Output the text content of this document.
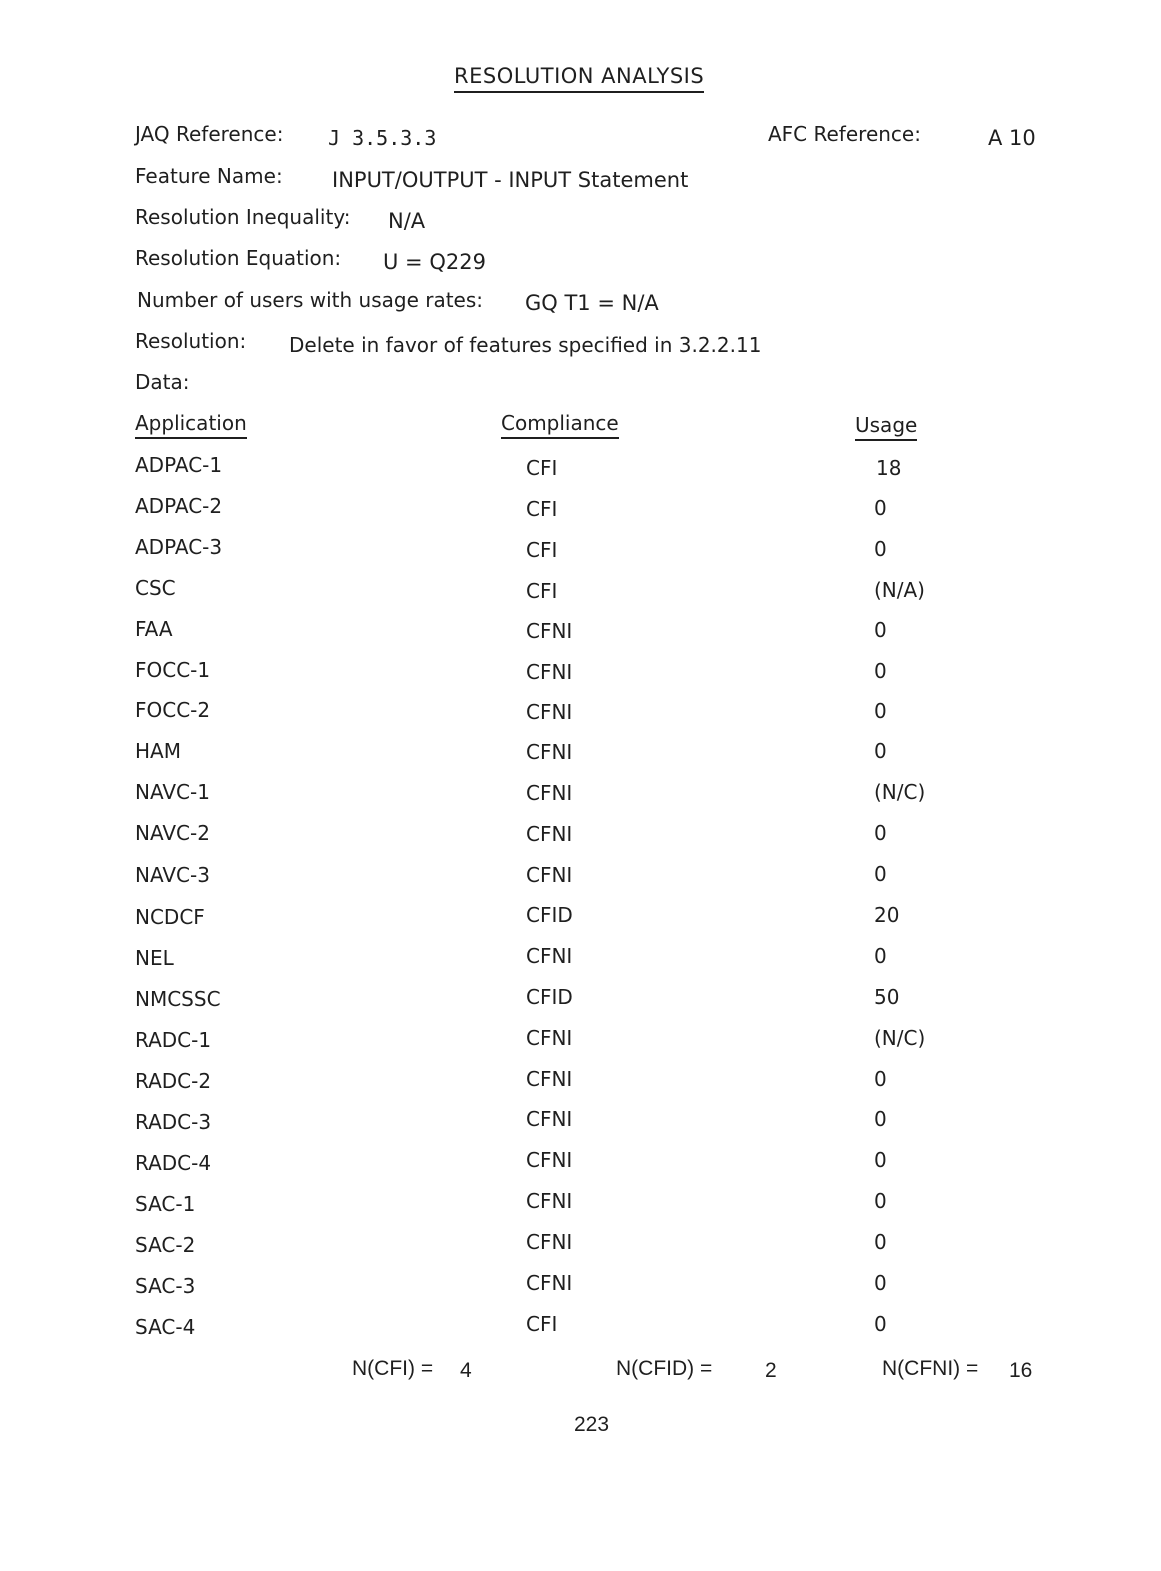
RESOLUTION ANALYSIS
JAQ Reference: J 3.5.3.3	AFC Reference:	A 10
Feature Name: INPUT/OUTPUT - INPUT Statement
Resolution Inequality: N/A
Resolution Equation: U = Q229
Number of users with usage rates: GQ T1 = N/A
Resolution: Delete in favor of features specified in 3.2.2.11
Data:
Application	Compliance	Usage
ADPAC-1	CFI	18
ADPAC-2	CFI	0
ADPAC-3	CFI	0
CSC	CFI	(N/A)
FAA	CFNI	0
FOCC-1	CFNI	0
FOCC-2	CFNI	0
HAM	CFNI	0
NAVC-1	CFNI	(N/C)
NAVC-2	CFNI	0
NAVC-3	CFNI	0
NCDCF	CFID	20
NEL	CFNI	0
NMCSSC	CFID	50
RADC-1	CFNI	(N/C)
RADC-2	CFNI	0
RADC-3	CFNI	0
RADC-4	CFNI	0
SAC-1	CFNI	0
SAC-2	CFNI	0
SAC-3	CFNI	0
SAC-4	CFI	0
N(CFI) = 4	N(CFID) =	2	N(CFNI) = 16
223
